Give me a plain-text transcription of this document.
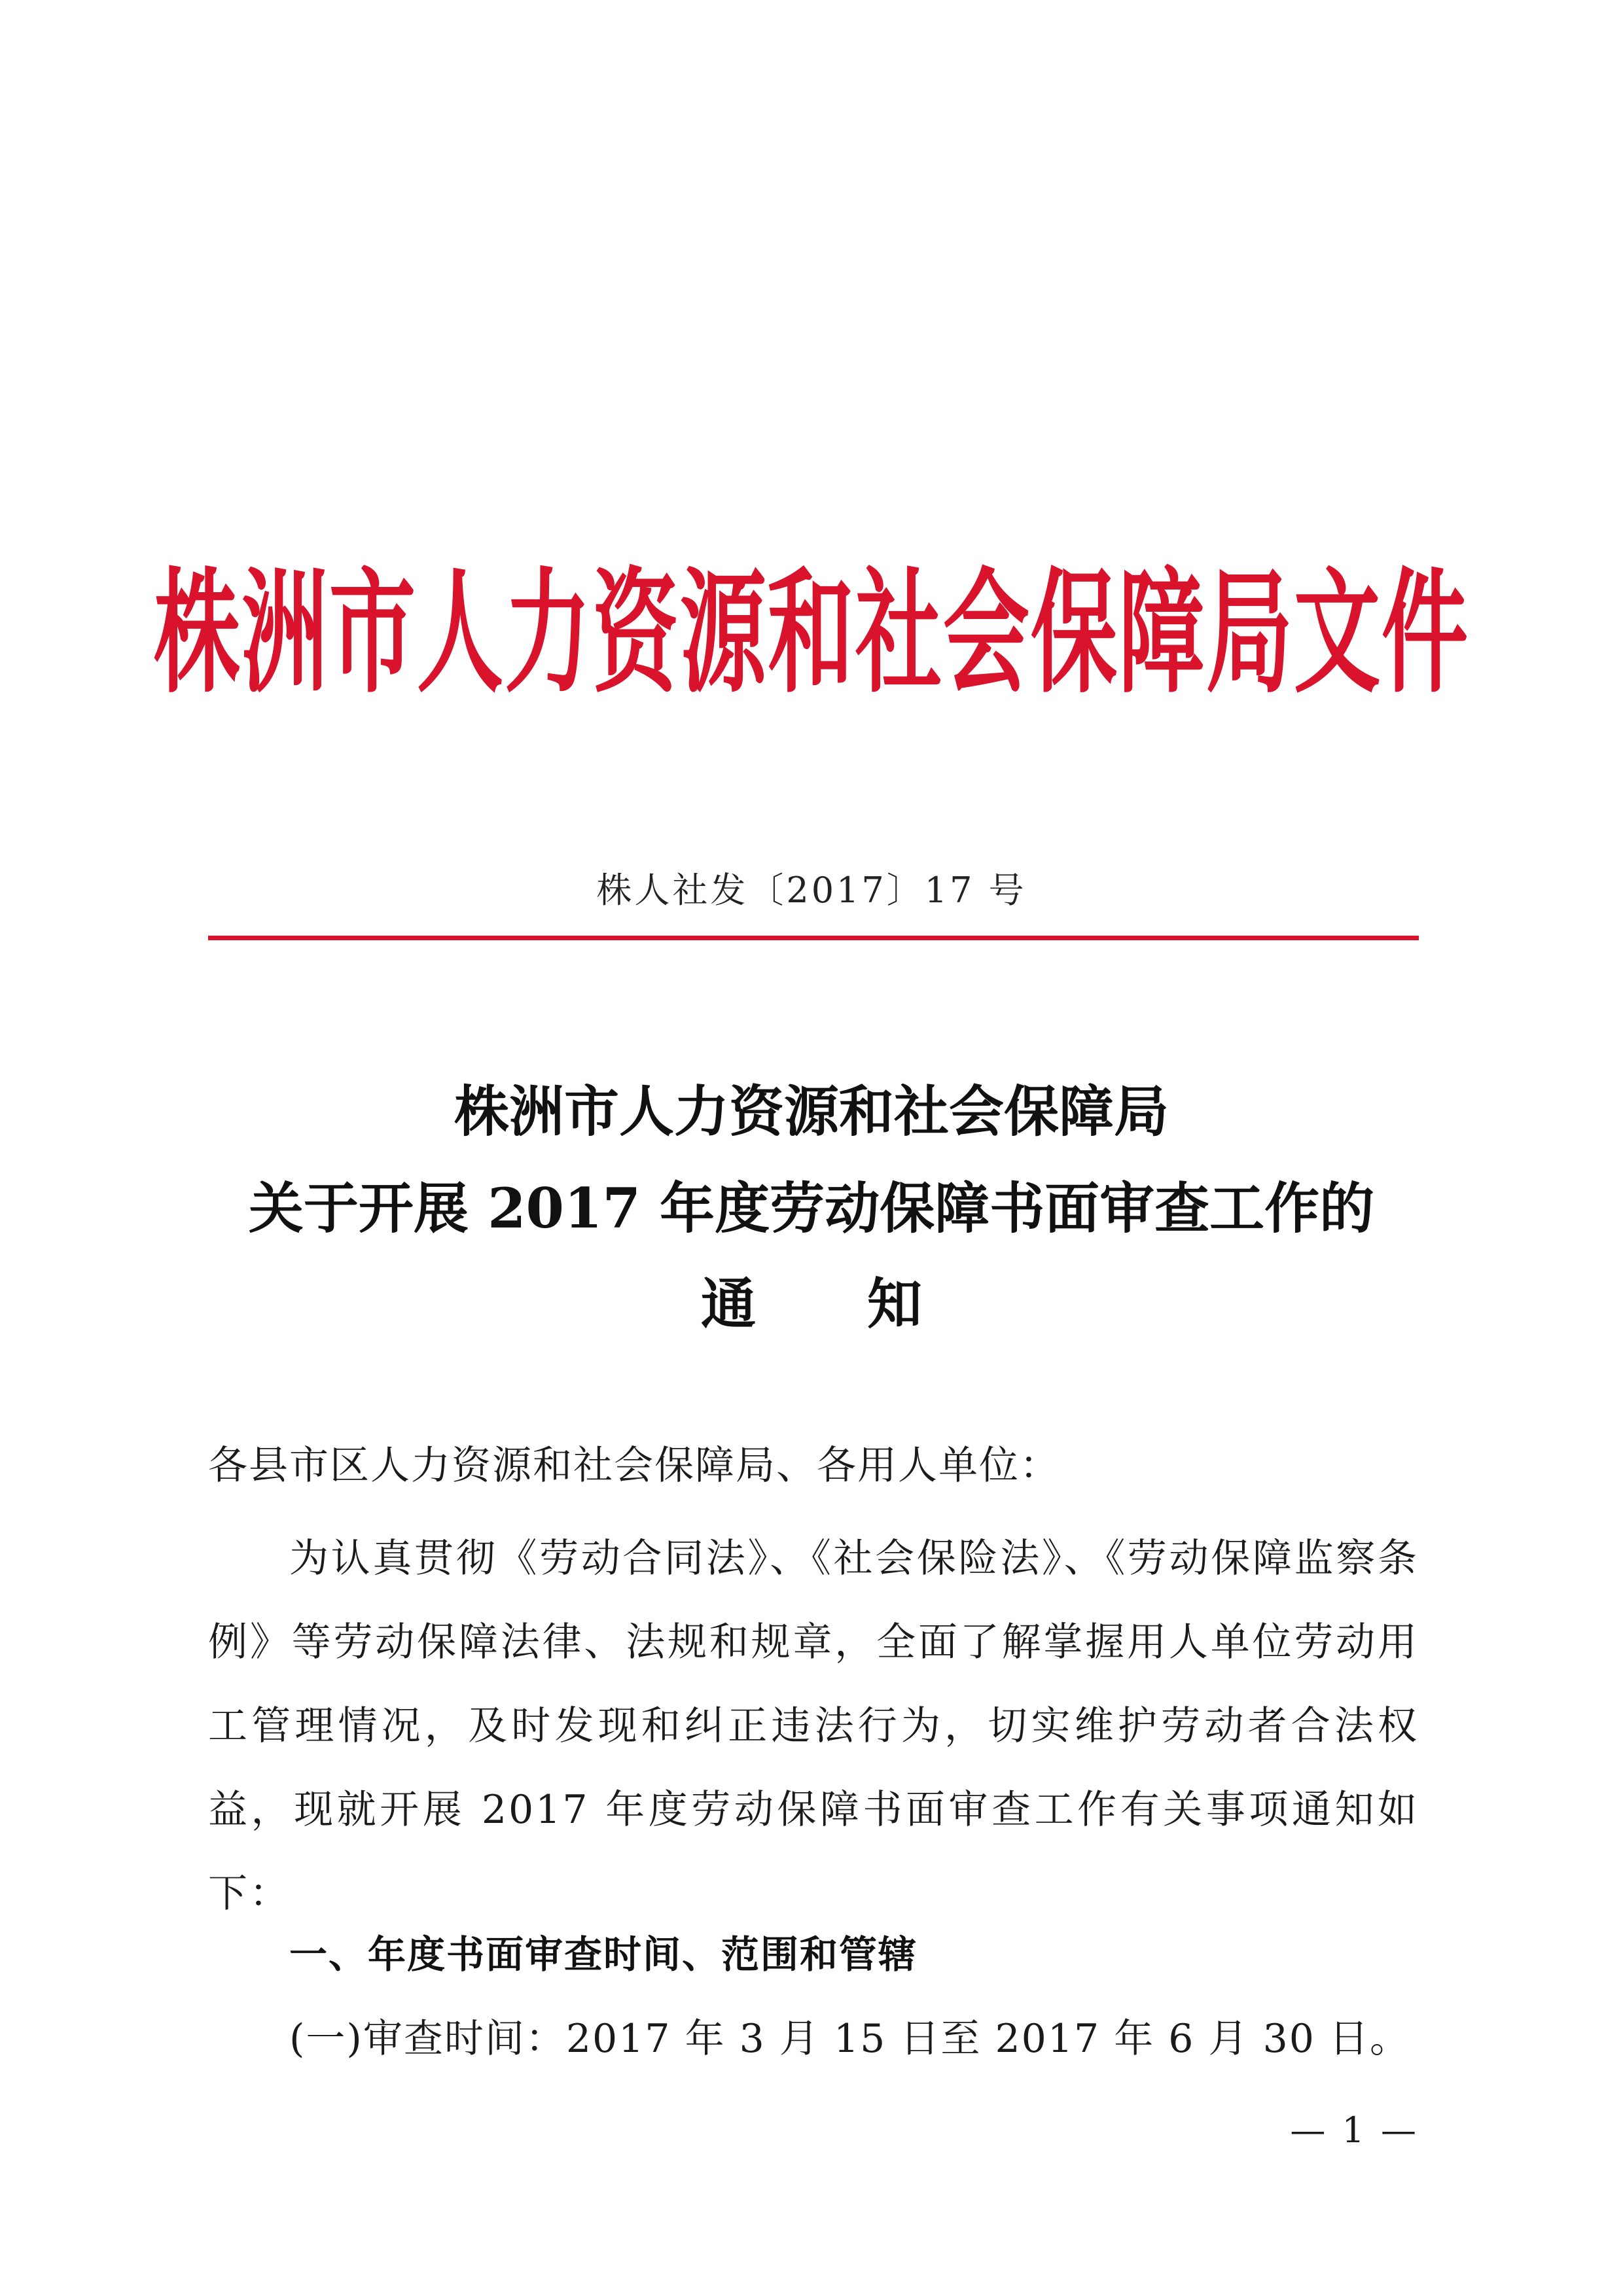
株洲市人力资源和社会保障局文件
株人社发〔2017〕17 号
株洲市人力资源和社会保障局
关于开展 2017 年度劳动保障书面审查工作的
通 知
各县市区人力资源和社会保障局、各用人单位：
为认真贯彻《劳动合同法》、《社会保险法》、《劳动保障监察条例》等劳动保障法律、法规和规章，全面了解掌握用人单位劳动用工管理情况，及时发现和纠正违法行为，切实维护劳动者合法权益，现就开展 2017 年度劳动保障书面审查工作有关事项通知如下：
一、年度书面审查时间、范围和管辖
(一)审查时间：2017 年 3 月 15 日至 2017 年 6 月 30 日。
— 1 —
